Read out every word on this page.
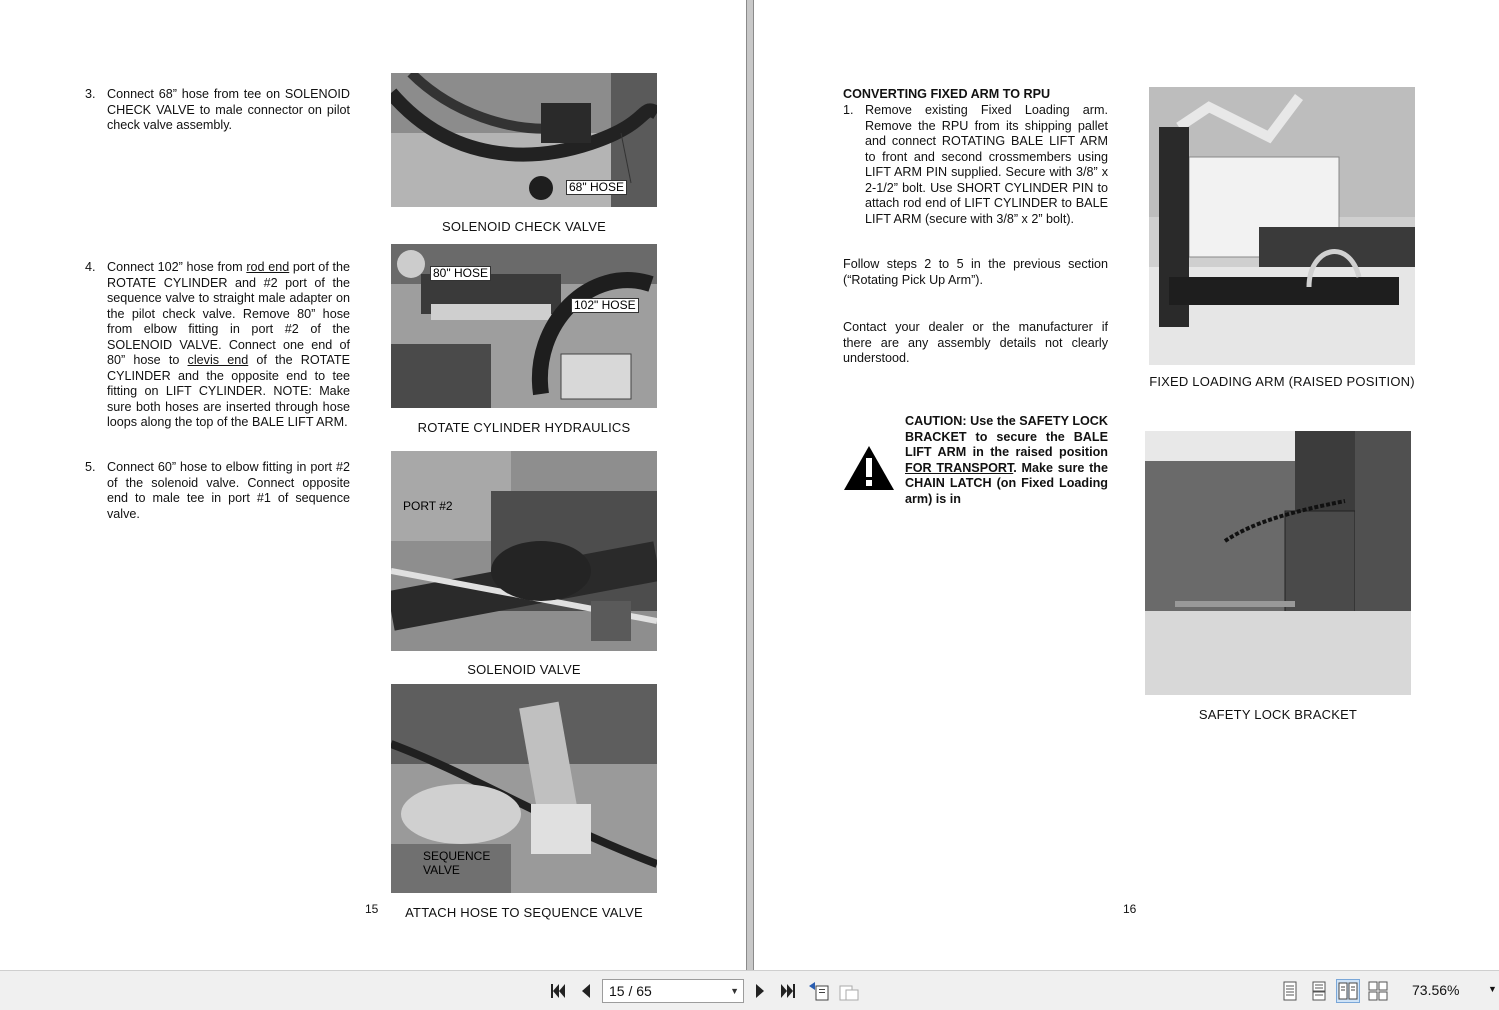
3. Connect 68” hose from tee on SOLENOID CHECK VALVE to male connector on pilot check valve assembly.
4. Connect 102” hose from rod end port of the ROTATE CYLINDER and #2 port of the sequence valve to straight male adapter on the pilot check valve. Remove 80” hose from elbow fitting in port #2 of the SOLENOID VALVE. Connect one end of 80” hose to clevis end of the ROTATE CYLINDER and the opposite end to tee fitting on LIFT CYLINDER. NOTE: Make sure both hoses are inserted through hose loops along the top of the BALE LIFT ARM.
5. Connect 60” hose to elbow fitting in port #2 of the solenoid valve. Connect opposite end to male tee in port #1 of sequence valve.
68" HOSE
SOLENOID CHECK VALVE
80" HOSE
102" HOSE
ROTATE CYLINDER HYDRAULICS
PORT #2
SOLENOID VALVE
SEQUENCE
VALVE
ATTACH HOSE TO SEQUENCE VALVE
15
CONVERTING FIXED ARM TO RPU
1. Remove existing Fixed Loading arm. Remove the RPU from its shipping pallet and connect ROTATING BALE LIFT ARM to front and second crossmembers using LIFT ARM PIN supplied. Secure with 3/8” x 2-1/2” bolt. Use SHORT CYLINDER PIN to attach rod end of LIFT CYLINDER to BALE LIFT ARM (secure with 3/8” x 2” bolt).
Follow steps 2 to 5 in the previous section (“Rotating Pick Up Arm”).
Contact your dealer or the manufacturer if there are any assembly details not clearly understood.
CAUTION: Use the SAFETY LOCK BRACKET to secure the BALE LIFT ARM in the raised position FOR TRANSPORT. Make sure the CHAIN LATCH (on Fixed Loading arm) is in
FIXED LOADING ARM (RAISED POSITION)
SAFETY LOCK BRACKET
16
15 / 65	▼	73.56%	▼
